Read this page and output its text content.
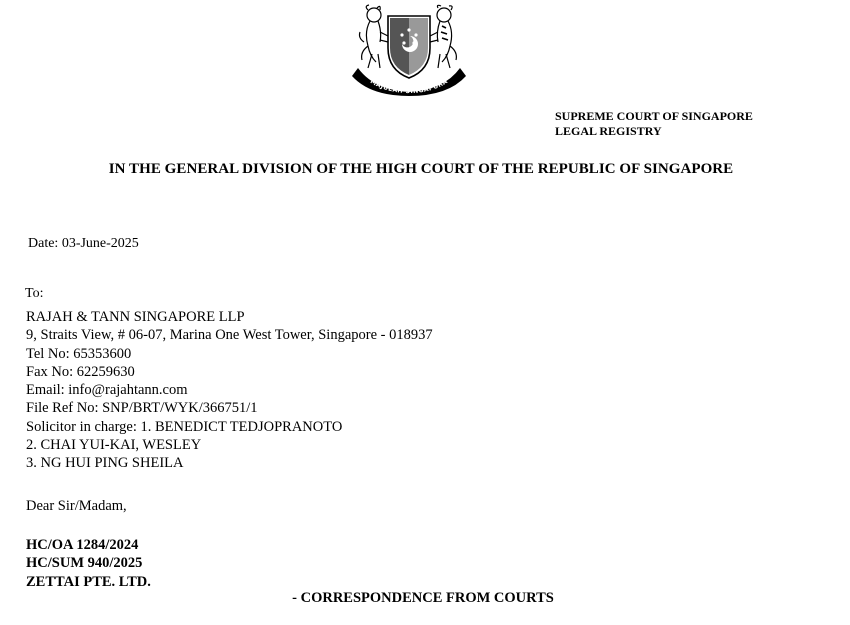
MAJULAH SINGAPURA
SUPREME COURT OF SINGAPORE
LEGAL REGISTRY
IN THE GENERAL DIVISION OF THE HIGH COURT OF THE REPUBLIC OF SINGAPORE
Date: 03-June-2025
To:
RAJAH & TANN SINGAPORE LLP
9, Straits View, # 06-07, Marina One West Tower, Singapore - 018937
Tel No: 65353600
Fax No: 62259630
Email: info@rajahtann.com
File Ref No: SNP/BRT/WYK/366751/1
Solicitor in charge: 1. BENEDICT TEDJOPRANOTO
2. CHAI YUI-KAI, WESLEY
3. NG HUI PING SHEILA
Dear Sir/Madam,
HC/OA 1284/2024
HC/SUM 940/2025
ZETTAI PTE. LTD.
- CORRESPONDENCE FROM COURTS
